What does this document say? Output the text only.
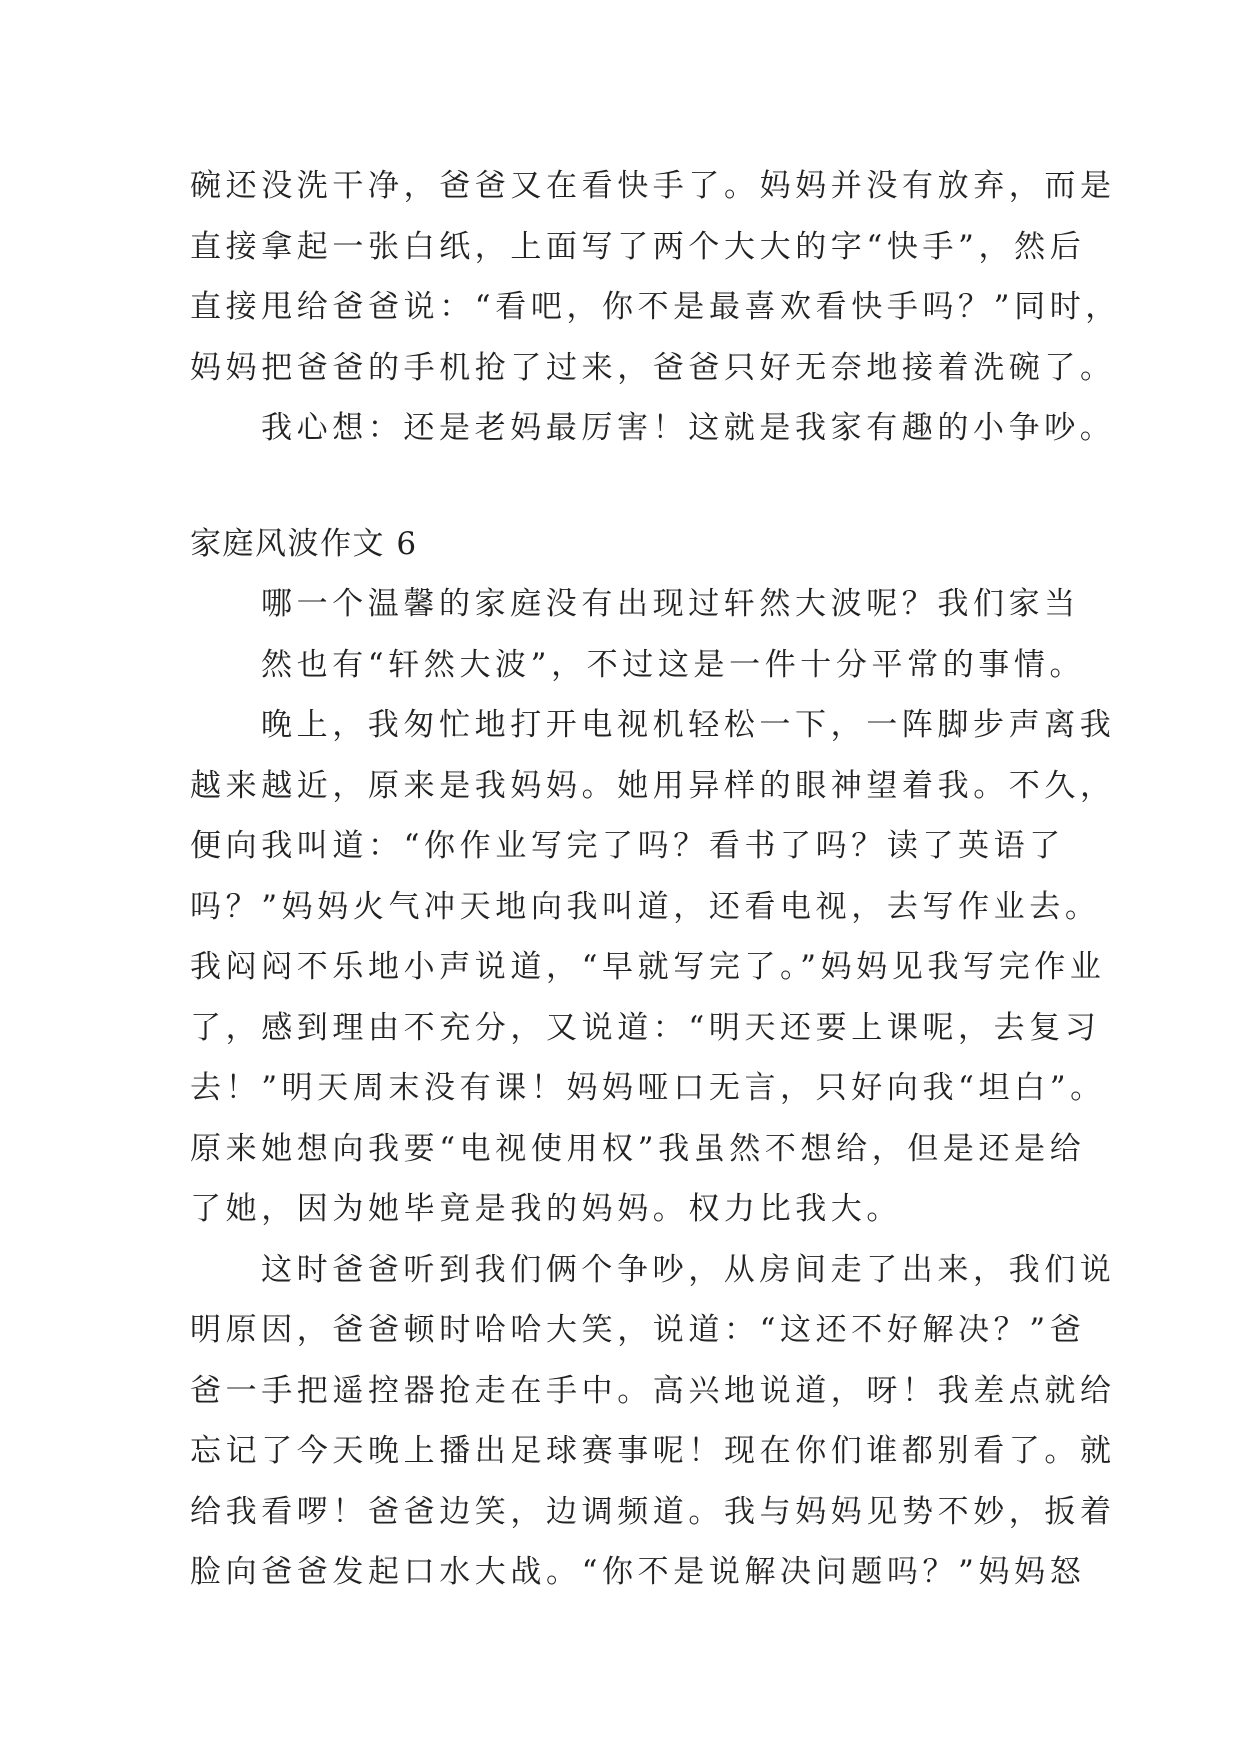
碗还没洗干净，爸爸又在看快手了。妈妈并没有放弃，而是
直接拿起一张白纸，上面写了两个大大的字“快手”，然后
直接甩给爸爸说：“看吧，你不是最喜欢看快手吗？”同时，
妈妈把爸爸的手机抢了过来，爸爸只好无奈地接着洗碗了。

我心想：还是老妈最厉害！这就是我家有趣的小争吵。

家庭风波作文 6

哪一个温馨的家庭没有出现过轩然大波呢？我们家当
然也有“轩然大波”，不过这是一件十分平常的事情。

晚上，我匆忙地打开电视机轻松一下，一阵脚步声离我
越来越近，原来是我妈妈。她用异样的眼神望着我。不久，
便向我叫道：“你作业写完了吗？看书了吗？读了英语了
吗？”妈妈火气冲天地向我叫道，还看电视，去写作业去。
我闷闷不乐地小声说道，“早就写完了。”妈妈见我写完作业
了，感到理由不充分，又说道：“明天还要上课呢，去复习
去！”明天周末没有课！妈妈哑口无言，只好向我“坦白”。
原来她想向我要“电视使用权”我虽然不想给，但是还是给
了她，因为她毕竟是我的妈妈。权力比我大。

这时爸爸听到我们俩个争吵，从房间走了出来，我们说
明原因，爸爸顿时哈哈大笑，说道：“这还不好解决？”爸
爸一手把遥控器抢走在手中。高兴地说道，呀！我差点就给
忘记了今天晚上播出足球赛事呢！现在你们谁都别看了。就
给我看啰！爸爸边笑，边调频道。我与妈妈见势不妙，扳着
脸向爸爸发起口水大战。“你不是说解决问题吗？”妈妈怒
